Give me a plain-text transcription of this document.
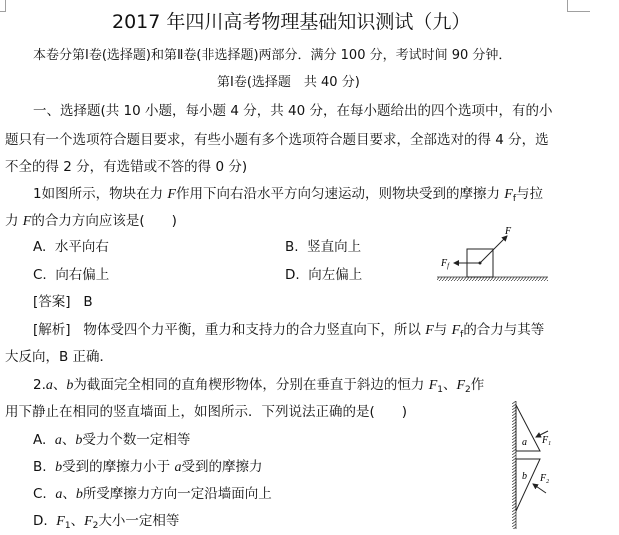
2017 年四川高考物理基础知识测试（九）
本卷分第Ⅰ卷(选择题)和第Ⅱ卷(非选择题)两部分．满分 100 分，考试时间 90 分钟．
第Ⅰ卷(选择题　共 40 分)
一、选择题(共 10 小题，每小题 4 分，共 40 分，在每小题给出的四个选项中，有的小
题只有一个选项符合题目要求，有些小题有多个选项符合题目要求，全部选对的得 4 分，选
不全的得 2 分，有选错或不答的得 0 分)
1如图所示，物块在力 F作用下向右沿水平方向匀速运动，则物块受到的摩擦力 $F_f$与拉
力 F的合力方向应该是(　　)
A. 水平向右	B. 竖直向上
C. 向右偏上	D. 向左偏上
F
$F_f$
[答案] B
[解析] 物体受四个力平衡，重力和支持力的合力竖直向下，所以 F与 $F_f$的合力与其等
大反向，B 正确．
2.a、b为截面完全相同的直角楔形物体，分别在垂直于斜边的恒力 $F_1$、$F_2$作
用下静止在相同的竖直墙面上，如图所示．下列说法正确的是(　　)
A. a、b受力个数一定相等
B. b受到的摩擦力小于 a受到的摩擦力
C. a、b所受摩擦力方向一定沿墙面向上
D. $F_1$、$F_2$大小一定相等
a
b
$F_1$
$F_2$
